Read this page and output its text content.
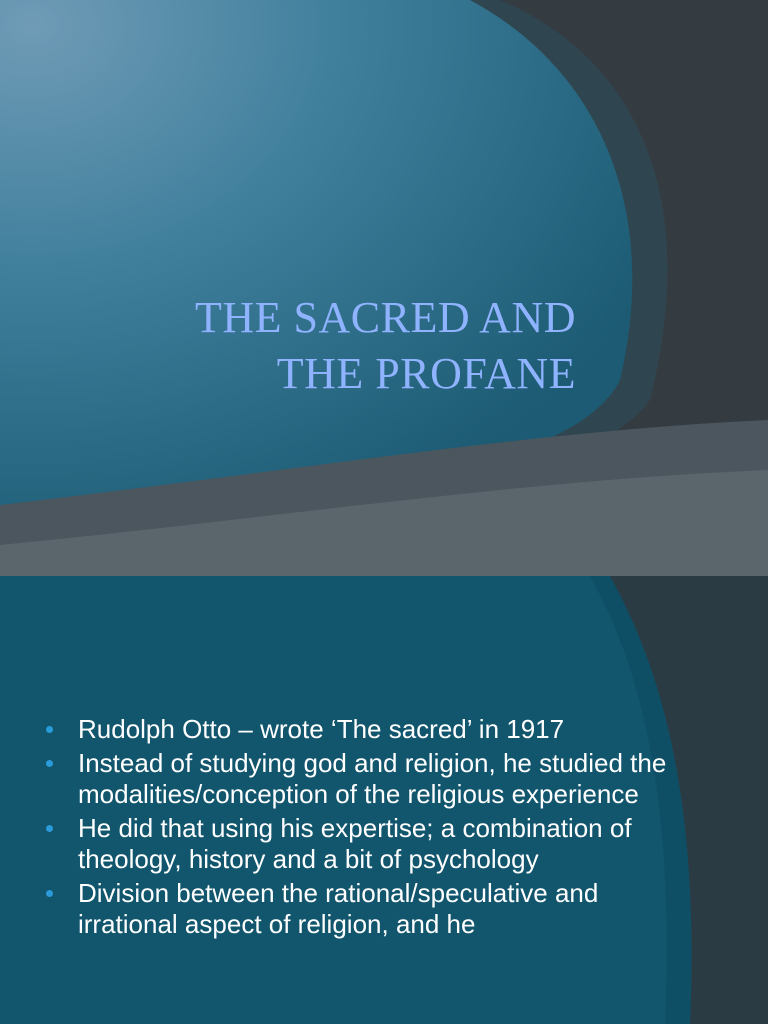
THE SACRED AND
THE PROFANE
Rudolph Otto – wrote ‘The sacred’ in 1917
Instead of studying god and religion, he studied the modalities/conception of the religious experience
He did that using his expertise; a combination of theology, history and a bit of psychology
Division between the rational/speculative and irrational aspect of religion, and he
